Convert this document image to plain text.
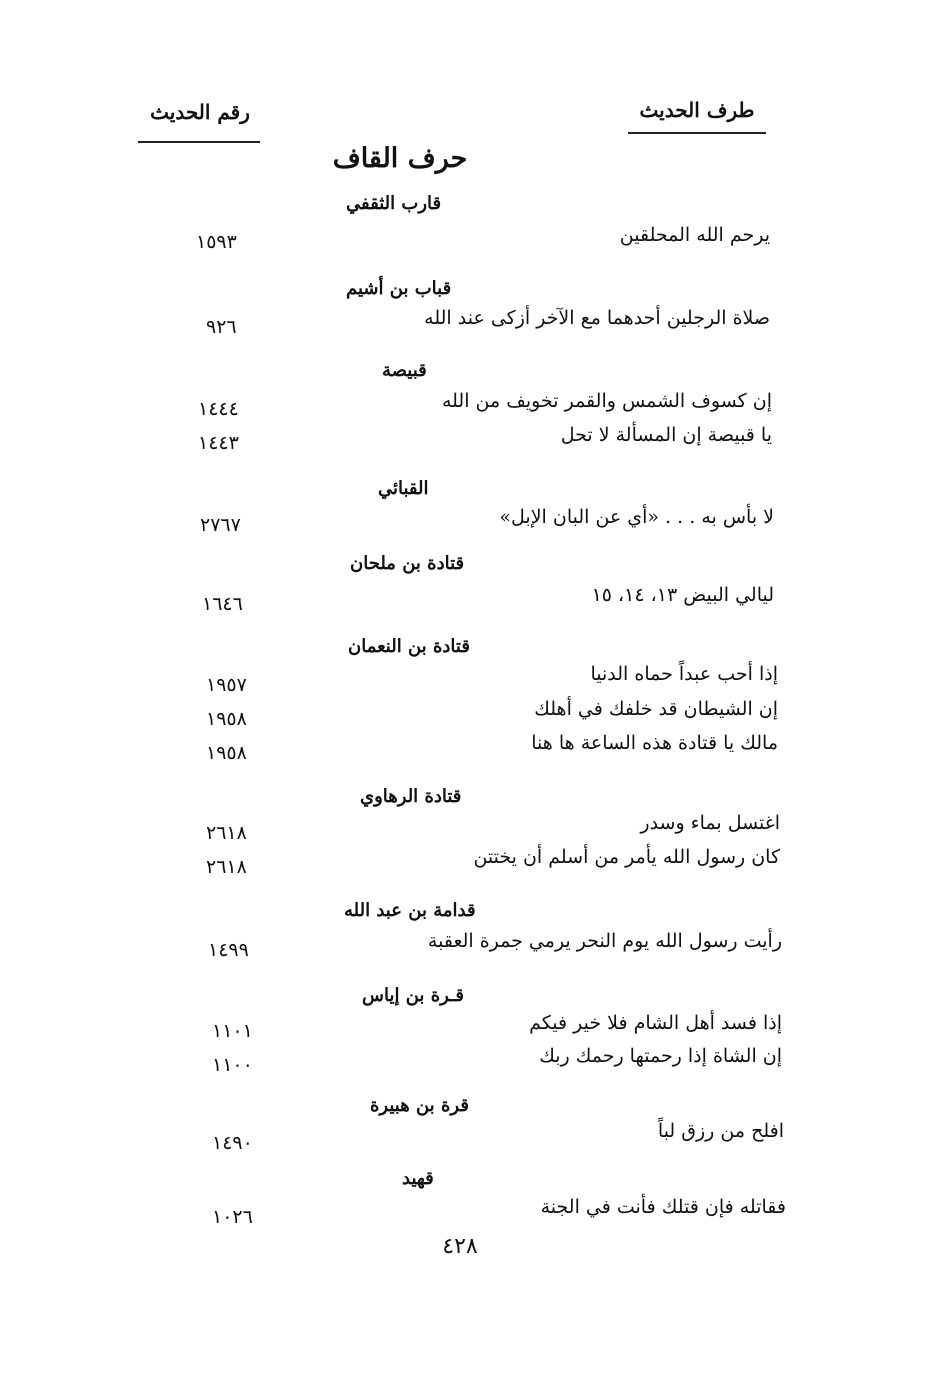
رقم الحديث	طرف الحديث
حرف القاف
قارب الثقفي
يرحم الله المحلقين
١٥٩٣
قباب بن أشيم
صلاة الرجلين أحدهما مع الآخر أزكى عند الله
٩٢٦
قبيصة
إن كسوف الشمس والقمر تخويف من الله
١٤٤٤
يا قبيصة إن المسألة لا تحل
١٤٤٣
القبائي
لا بأس به . . . «أي عن البان الإبل»
٢٧٦٧
قتادة بن ملحان
ليالي البيض ١٣، ١٤، ١٥
١٦٤٦
قتادة بن النعمان
إذا أحب عبداً حماه الدنيا
١٩٥٧
إن الشيطان قد خلفك في أهلك
١٩٥٨
مالك يا قتادة هذه الساعة ها هنا
١٩٥٨
قتادة الرهاوي
اغتسل بماء وسدر
٢٦١٨
كان رسول الله يأمر من أسلم أن يختتن
٢٦١٨
قدامة بن عبد الله
رأيت رسول الله يوم النحر يرمي جمرة العقبة
١٤٩٩
قـرة بن إياس
إذا فسد أهل الشام فلا خير فيكم
١١٠١
إن الشاة إذا رحمتها رحمك ربك
١١٠٠
قرة بن هبيرة
افلح من رزق لباً
١٤٩٠
قهيد
فقاتله فإن قتلك فأنت في الجنة
١٠٢٦
٤٢٨
